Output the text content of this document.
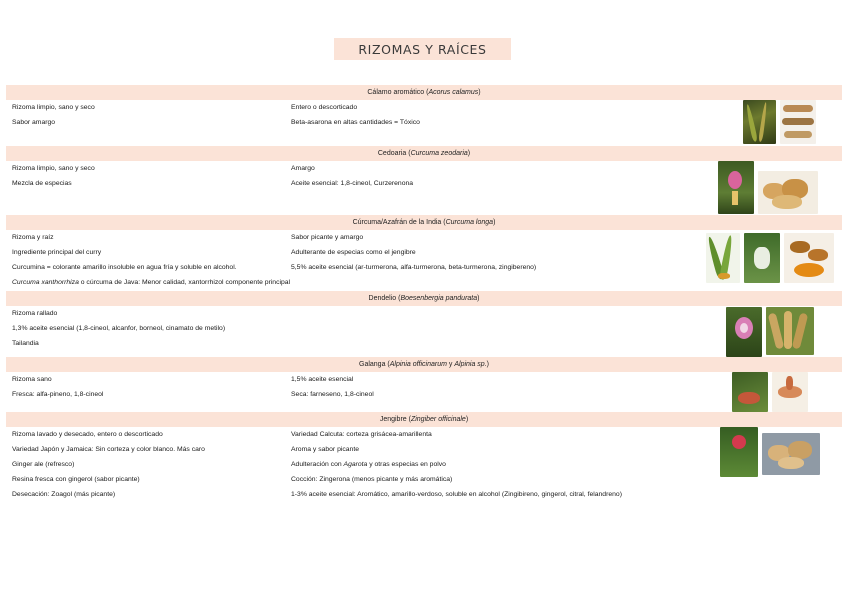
RIZOMAS Y RAÍCES
Cálamo aromático (Acorus calamus)
Rizoma limpio, sano y seco	Entero o descorticado
Sabor amargo	Beta-asarona en altas cantidades = Tóxico
Cedoaria (Curcuma zeodaria)
Rizoma limpio, sano y seco	Amargo
Mezcla de especias	Aceite esencial: 1,8-cineol, Curzerenona
Cúrcuma/Azafrán de la India (Curcuma longa)
Rizoma y raíz	Sabor picante y amargo
Ingrediente principal del curry	Adulterante de especias como el jengibre
Curcumina = colorante amarillo insoluble en agua fría y soluble en alcohol.	5,5% aceite esencial (ar-turmerona, alfa-turmerona, beta-turmerona, zingibereno)
Curcuma xanthorrhiza o cúrcuma de Java: Menor calidad, xantorrhizol componente principal
Dendelio (Boesenbergia pandurata)
Rizoma rallado
1,3% aceite esencial (1,8-cineol, alcanfor, borneol, cinamato de metilo)
Tailandia
Galanga (Alpinia officinarum y Alpinia sp.)
Rizoma sano	1,5% aceite esencial
Fresca: alfa-pineno, 1,8-cineol	Seca: farneseno, 1,8-cineol
Jengibre (Zingiber officinale)
Rizoma lavado y desecado, entero o descorticado	Variedad Calcuta: corteza grisácea-amarillenta
Variedad Japón y Jamaica: Sin corteza y color blanco. Más caro	Aroma y sabor picante
Ginger ale (refresco)	Adulteración con Agarota y otras especias en polvo
Resina fresca con gingerol (sabor picante)	Cocción: Zingerona (menos picante y más aromática)
Desecación: Zoagol (más picante)	1-3% aceite esencial: Aromático, amarillo-verdoso, soluble en alcohol (Zingibireno, gingerol, citral, felandreno)
